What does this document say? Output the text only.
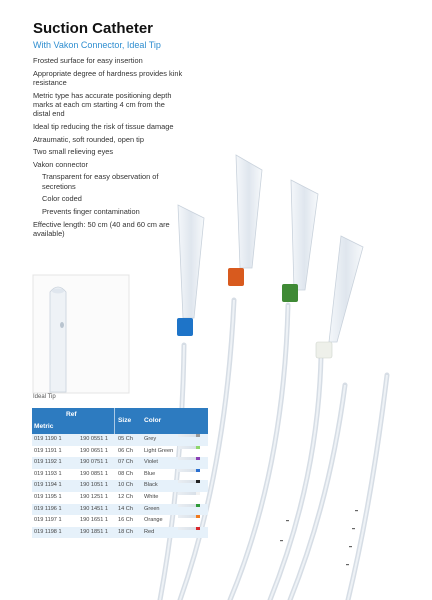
Suction Catheter

With Vakon Connector, Ideal Tip

Frosted surface for easy insertion
Appropriate degree of hardness provides kink resistance
Metric type has accurate positioning depth marks at each cm starting 4 cm from the distal end
Ideal tip reducing the risk of tissue damage
Atraumatic, soft rounded, open tip
Two small relieving eyes
Vakon connector
Transparent for easy observation of secretions
Color coded
Prevents finger contamination
Effective length: 50 cm (40 and 60 cm are available)
Ideal Tip
Ref
Metric
Size Color
019 1190 1	190 0551 1 05 Ch Grey
019 1191 1	190 0651 1 06 Ch Light Green
019 1192 1	190 0751 1 07 Ch Violet
019 1193 1	190 0851 1 08 Ch Blue
019 1194 1	190 1051 1 10 Ch Black
019 1195 1	190 1251 1 12 Ch White
019 1196 1	190 1451 1 14 Ch Green
019 1197 1	190 1651 1 16 Ch Orange
019 1198 1	190 1851 1 18 Ch Red
